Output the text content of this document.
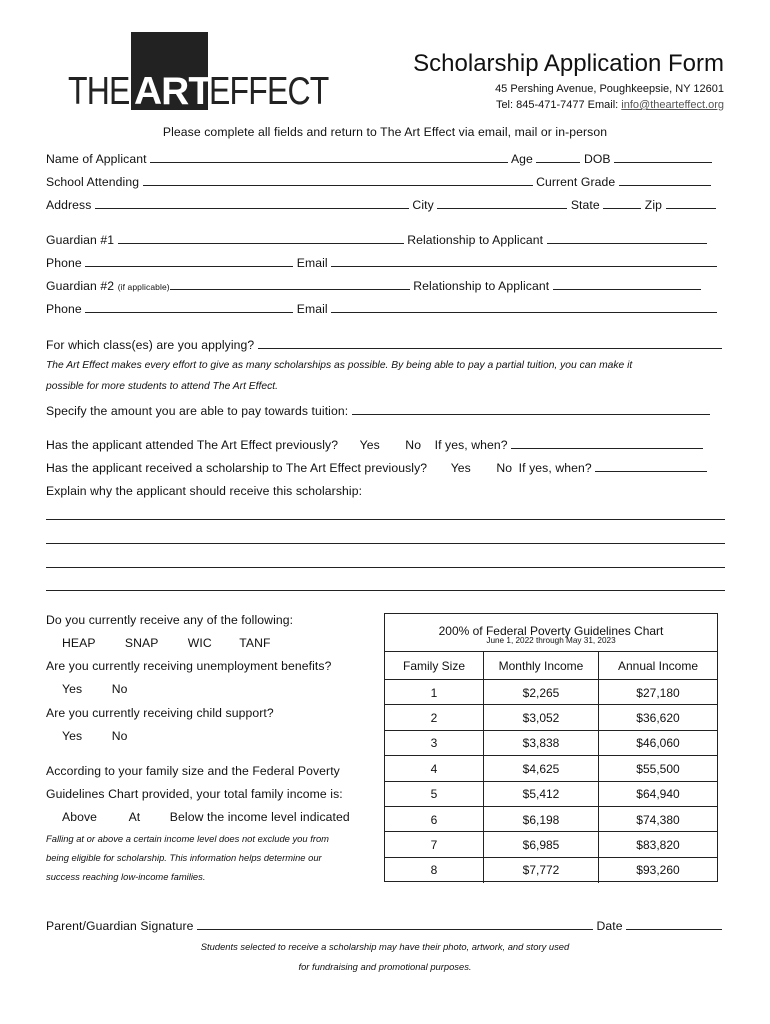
THE ART
EFFECT
Scholarship Application Form
45 Pershing Avenue, Poughkeepsie, NY 12601
Tel: 845-471-7477 Email: info@thearteffect.org
Please complete all fields and return to The Art Effect via email, mail or in-person
Name of Applicant	Age	DOB
School Attending	Current Grade
Address	City	State	Zip
Guardian #1	Relationship to Applicant
Phone	Email
Guardian #2 (if applicable)	Relationship to Applicant
Phone	Email
For which class(es) are you applying?
The Art Effect makes every effort to give as many scholarships as possible. By being able to pay a partial tuition, you can make it
possible for more students to attend The Art Effect.
Specify the amount you are able to pay towards tuition:
Has the applicant attended The Art Effect previously? Yes No If yes, when?
Has the applicant received a scholarship to The Art Effect previously? Yes No If yes, when?
Explain why the applicant should receive this scholarship:
Do you currently receive any of the following:
HEAP SNAP WIC TANF
Are you currently receiving unemployment benefits?
Yes No
Are you currently receiving child support?
Yes No
According to your family size and the Federal Poverty
Guidelines Chart provided, your total family income is:
Above	At Below the income level indicated
Falling at or above a certain income level does not exclude you from
being eligible for scholarship. This information helps determine our
success reaching low-income families.
200% of Federal Poverty Guidelines Chart
June 1, 2022 through May 31, 2023
Family Size	Monthly Income	Annual Income
1	$2,265	$27,180
2	$3,052	$36,620
3	$3,838	$46,060
4	$4,625	$55,500
5	$5,412	$64,940
6	$6,198	$74,380
7	$6,985	$83,820
8	$7,772	$93,260
Parent/Guardian Signature	Date
Students selected to receive a scholarship may have their photo, artwork, and story used
for fundraising and promotional purposes.
